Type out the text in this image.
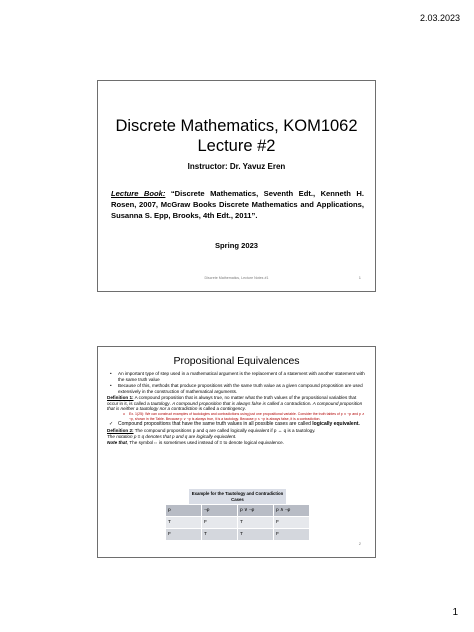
2.03.2023
Discrete Mathematics, KOM1062
Lecture #2
Instructor: Dr. Yavuz Eren
Lecture Book: “Discrete Mathematics, Seventh Edt., Kenneth H. Rosen, 2007, McGraw Books Discrete Mathematics and Applications, Susanna S. Epp, Brooks, 4th Edt., 2011”.
Spring 2023
Discrete Mathematics, Lecture Notes #1	1
Propositional Equivalences

• An important type of step used in a mathematical argument is the replacement of a statement with another statement with the same truth value

• Because of this, methods that produce propositions with the same truth value as a given compound proposition are used extensively in the construction of mathematical arguments.

Definition 1: A compound proposition that is always true, no matter what the truth values of the propositional variables that occur in it, is called a tautology. A compound proposition that is always false is called a contradiction. A compound proposition that is neither a tautology nor a contradiction is called a contingency.

o Ex. 1(25): We can construct examples of tautologies and contradictions using just one propositional variable. Consider the truth tables of p ∨ ¬p and p ∧ ¬p, shown in the Table. Because p ∨ ¬p is always true, it is a tautology. Because p ∧ ¬p is always false, it is a contradiction.

✓ Compound propositions that have the same truth values in all possible cases are called logically equivalent.

Definition 2: The compound propositions p and q are called logically equivalent if p ↔ q is a tautology.

The notation p ≡ q denotes that p and q are logically equivalent.

Note that, The symbol⇔ is sometimes used instead of ≡ to denote logical equivalence.

Example for the Tautology and Contradiction Cases
p	¬p	p ∨ ¬p	p ∧ ¬p
T	F	T	F
F	T	T	F
2
1
